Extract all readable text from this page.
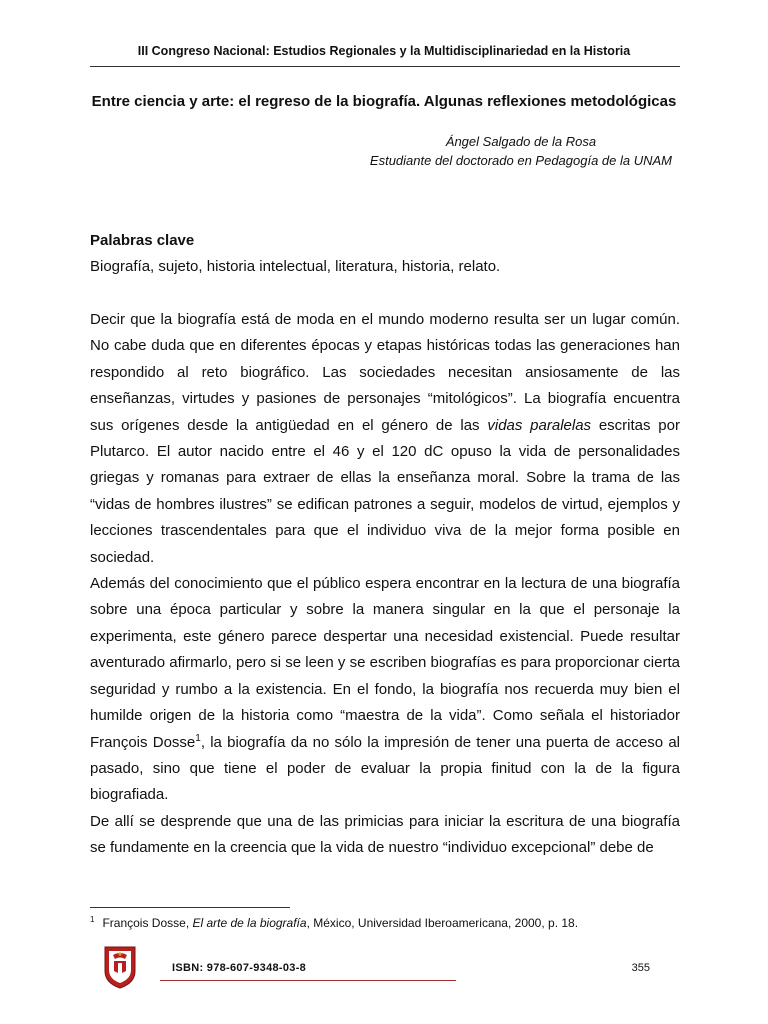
III Congreso Nacional: Estudios Regionales y la Multidisciplinariedad en la Historia
Entre ciencia y arte: el regreso de la biografía. Algunas reflexiones metodológicas
Ángel Salgado de la Rosa
Estudiante del doctorado en Pedagogía de la UNAM
Palabras clave
Biografía, sujeto, historia intelectual, literatura, historia, relato.

Decir que la biografía está de moda en el mundo moderno resulta ser un lugar común. No cabe duda que en diferentes épocas y etapas históricas todas las generaciones han respondido al reto biográfico. Las sociedades necesitan ansiosamente de las enseñanzas, virtudes y pasiones de personajes “mitológicos”. La biografía encuentra sus orígenes desde la antigüedad en el género de las vidas paralelas escritas por Plutarco. El autor nacido entre el 46 y el 120 dC opuso la vida de personalidades griegas y romanas para extraer de ellas la enseñanza moral. Sobre la trama de las “vidas de hombres ilustres” se edifican patrones a seguir, modelos de virtud, ejemplos y lecciones trascendentales para que el individuo viva de la mejor forma posible en sociedad.

Además del conocimiento que el público espera encontrar en la lectura de una biografía sobre una época particular y sobre la manera singular en la que el personaje la experimenta, este género parece despertar una necesidad existencial. Puede resultar aventurado afirmarlo, pero si se leen y se escriben biografías es para proporcionar cierta seguridad y rumbo a la existencia. En el fondo, la biografía nos recuerda muy bien el humilde origen de la historia como “maestra de la vida”. Como señala el historiador François Dosse$^1$, la biografía da no sólo la impresión de tener una puerta de acceso al pasado, sino que tiene el poder de evaluar la propia finitud con la de la figura biografiada.

De allí se desprende que una de las primicias para iniciar la escritura de una biografía se fundamente en la creencia que la vida de nuestro “individuo excepcional” debe de

$^1$ François Dosse, El arte de la biografía, México, Universidad Iberoamericana, 2000, p. 18.
ISBN: 978-607-9348-03-8	355
